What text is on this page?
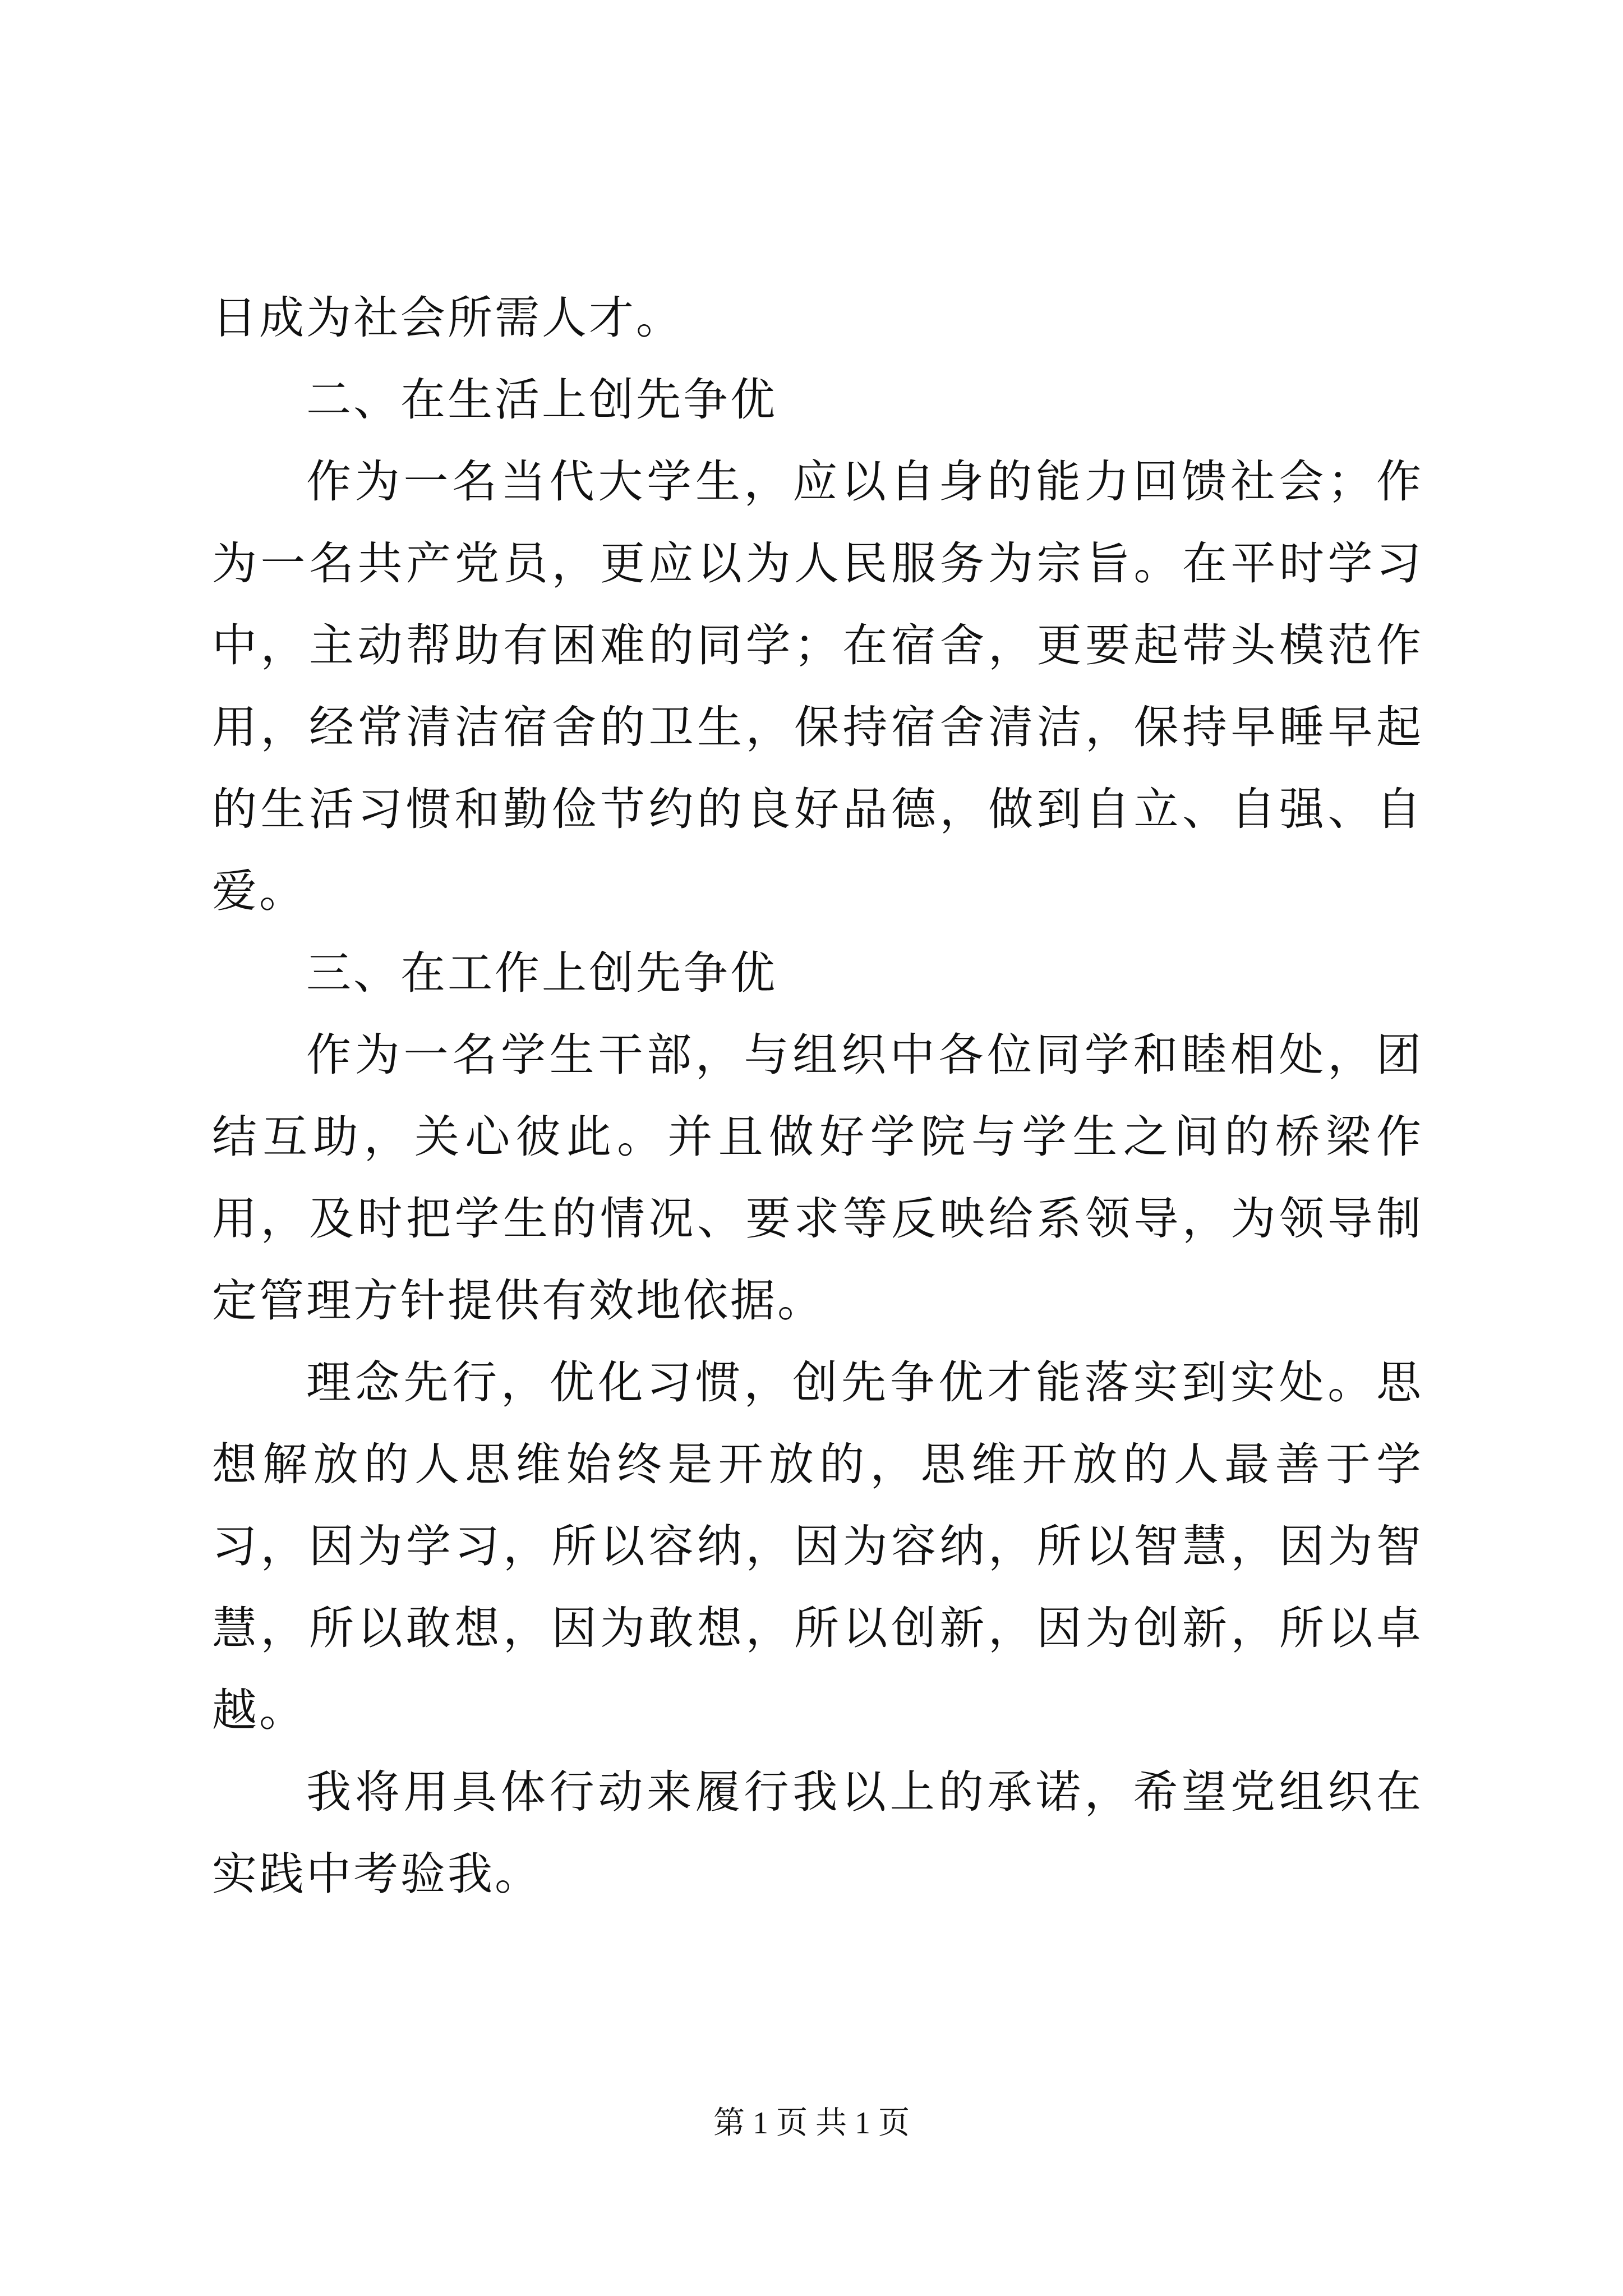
日成为社会所需人才。

二、在生活上创先争优

作为一名当代大学生，应以自身的能力回馈社会；作为一名共产党员，更应以为人民服务为宗旨。在平时学习中，主动帮助有困难的同学；在宿舍，更要起带头模范作用，经常清洁宿舍的卫生，保持宿舍清洁，保持早睡早起的生活习惯和勤俭节约的良好品德，做到自立、自强、自爱。

三、在工作上创先争优

作为一名学生干部，与组织中各位同学和睦相处，团结互助，关心彼此。并且做好学院与学生之间的桥梁作用，及时把学生的情况、要求等反映给系领导，为领导制定管理方针提供有效地依据。

理念先行，优化习惯，创先争优才能落实到实处。思想解放的人思维始终是开放的，思维开放的人最善于学习，因为学习，所以容纳，因为容纳，所以智慧，因为智慧，所以敢想，因为敢想，所以创新，因为创新，所以卓越。

我将用具体行动来履行我以上的承诺，希望党组织在实践中考验我。

第 1 页 共 1 页
